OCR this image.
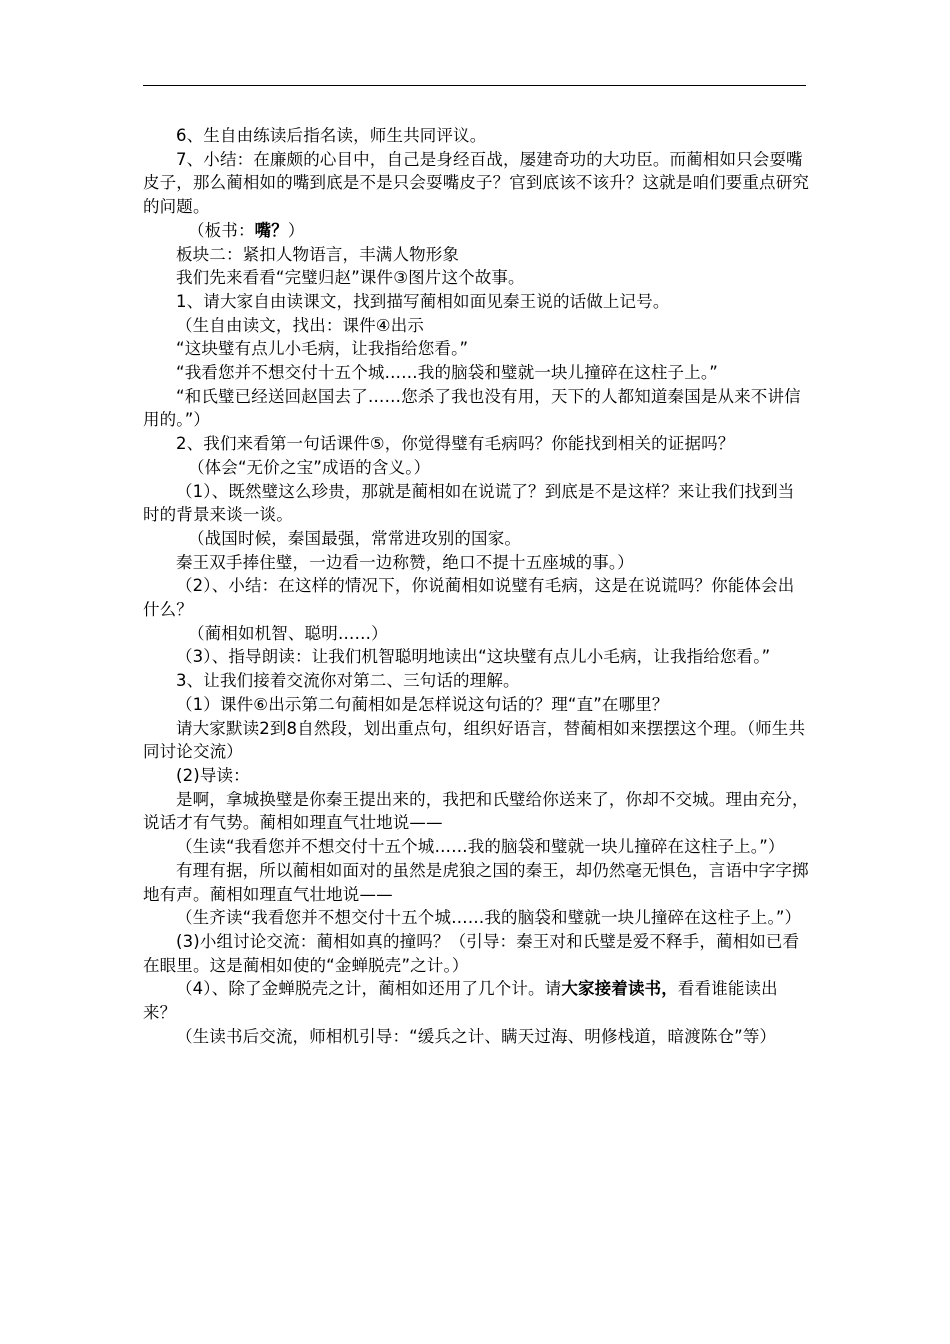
6、生自由练读后指名读，师生共同评议。

7、小结：在廉颇的心目中，自己是身经百战，屡建奇功的大功臣。而蔺相如只会耍嘴皮子，那么蔺相如的嘴到底是不是只会耍嘴皮子？官到底该不该升？这就是咱们要重点研究的问题。

（板书：嘴？）

板块二：紧扣人物语言，丰满人物形象

我们先来看看“完璧归赵”课件③图片这个故事。

1、请大家自由读课文，找到描写蔺相如面见秦王说的话做上记号。

（生自由读文，找出：课件④出示

“这块璧有点儿小毛病，让我指给您看。”

“我看您并不想交付十五个城……我的脑袋和璧就一块儿撞碎在这柱子上。”

“和氏璧已经送回赵国去了……您杀了我也没有用，天下的人都知道秦国是从来不讲信用的。”）

2、我们来看第一句话课件⑤，你觉得璧有毛病吗？你能找到相关的证据吗？

（体会“无价之宝”成语的含义。）

（1）、既然璧这么珍贵，那就是蔺相如在说谎了？到底是不是这样？来让我们找到当时的背景来谈一谈。

（战国时候，秦国最强，常常进攻别的国家。

秦王双手捧住璧，一边看一边称赞，绝口不提十五座城的事。）

（2）、小结：在这样的情况下，你说蔺相如说璧有毛病，这是在说谎吗？你能体会出什么？

（蔺相如机智、聪明……）

（3）、指导朗读：让我们机智聪明地读出“这块璧有点儿小毛病，让我指给您看。”

3、让我们接着交流你对第二、三句话的理解。

（1）课件⑥出示第二句蔺相如是怎样说这句话的？理“直”在哪里？

请大家默读2到8自然段，划出重点句，组织好语言，替蔺相如来摆摆这个理。（师生共同讨论交流）

(2)导读：

是啊，拿城换璧是你秦王提出来的，我把和氏璧给你送来了，你却不交城。理由充分，说话才有气势。蔺相如理直气壮地说——

（生读“我看您并不想交付十五个城……我的脑袋和璧就一块儿撞碎在这柱子上。”）

有理有据，所以蔺相如面对的虽然是虎狼之国的秦王，却仍然毫无惧色，言语中字字掷地有声。蔺相如理直气壮地说——

（生齐读“我看您并不想交付十五个城……我的脑袋和璧就一块儿撞碎在这柱子上。”）

(3)小组讨论交流：蔺相如真的撞吗？（引导：秦王对和氏璧是爱不释手，蔺相如已看在眼里。这是蔺相如使的“金蝉脱壳”之计。）

（4）、除了金蝉脱壳之计，蔺相如还用了几个计。请大家接着读书，看看谁能读出来？

（生读书后交流，师相机引导：“缓兵之计、瞒天过海、明修栈道，暗渡陈仓”等）
